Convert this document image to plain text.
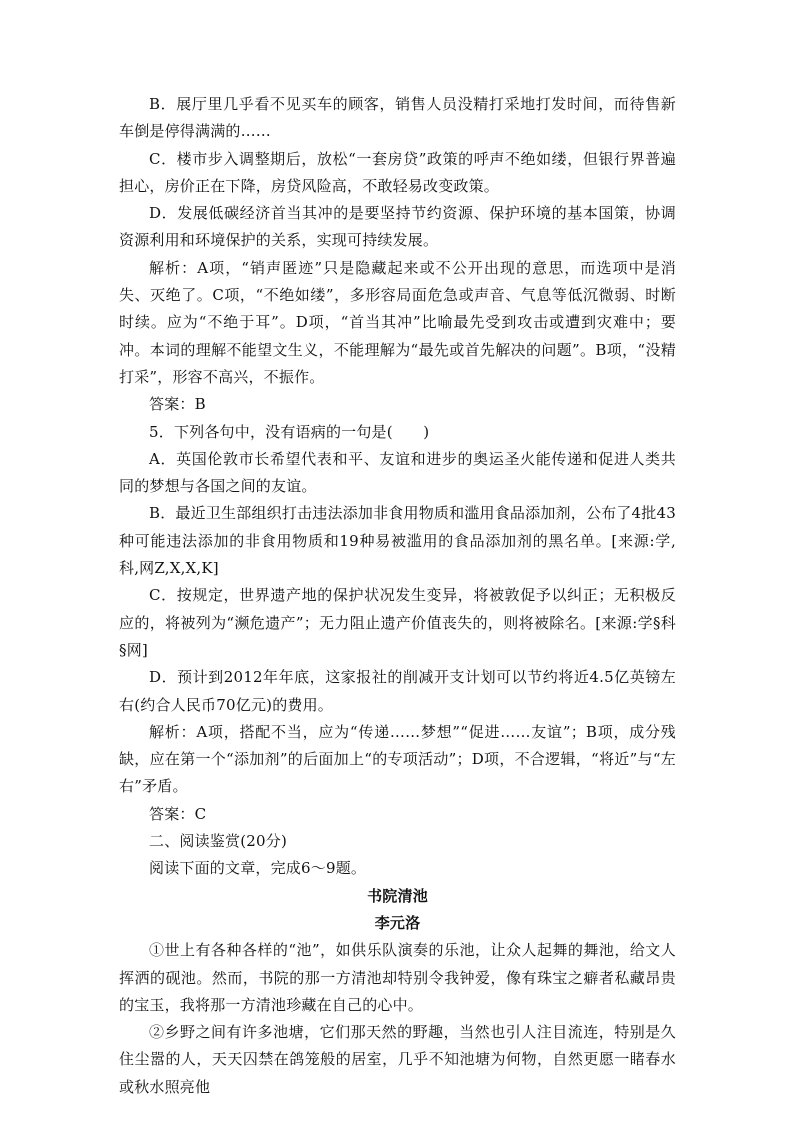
B．展厅里几乎看不见买车的顾客，销售人员没精打采地打发时间，而待售新车倒是停得满满的……

C．楼市步入调整期后，放松“一套房贷”政策的呼声不绝如缕，但银行界普遍担心，房价正在下降，房贷风险高，不敢轻易改变政策。

D．发展低碳经济首当其冲的是要坚持节约资源、保护环境的基本国策，协调资源利用和环境保护的关系，实现可持续发展。

解析：A项，“销声匿迹”只是隐藏起来或不公开出现的意思，而选项中是消失、灭绝了。C项，“不绝如缕”，多形容局面危急或声音、气息等低沉微弱、时断时续。应为“不绝于耳”。D项，“首当其冲”比喻最先受到攻击或遭到灾难中；要冲。本词的理解不能望文生义，不能理解为“最先或首先解决的问题”。B项，“没精打采”，形容不高兴，不振作。

答案：B

5．下列各句中，没有语病的一句是(　　)

A．英国伦敦市长希望代表和平、友谊和进步的奥运圣火能传递和促进人类共同的梦想与各国之间的友谊。

B．最近卫生部组织打击违法添加非食用物质和滥用食品添加剂，公布了4批43种可能违法添加的非食用物质和19种易被滥用的食品添加剂的黑名单。[来源:学,科,网Z,X,X,K]

C．按规定，世界遗产地的保护状况发生变异，将被敦促予以纠正；无积极反应的，将被列为“濒危遗产”；无力阻止遗产价值丧失的，则将被除名。[来源:学§科§网]

D．预计到2012年年底，这家报社的削减开支计划可以节约将近4.5亿英镑左右(约合人民币70亿元)的费用。

解析：A项，搭配不当，应为“传递……梦想”“促进……友谊”；B项，成分残缺，应在第一个“添加剂”的后面加上“的专项活动”；D项，不合逻辑，“将近”与“左右”矛盾。

答案：C

二、阅读鉴赏(20分)

阅读下面的文章，完成6～9题。

书院清池

李元洛

①世上有各种各样的“池”，如供乐队演奏的乐池，让众人起舞的舞池，给文人挥洒的砚池。然而，书院的那一方清池却特别令我钟爱，像有珠宝之癖者私藏昂贵的宝玉，我将那一方清池珍藏在自己的心中。

②乡野之间有许多池塘，它们那天然的野趣，当然也引人注目流连，特别是久住尘嚣的人，天天囚禁在鸽笼般的居室，几乎不知池塘为何物，自然更愿一睹春水或秋水照亮他
